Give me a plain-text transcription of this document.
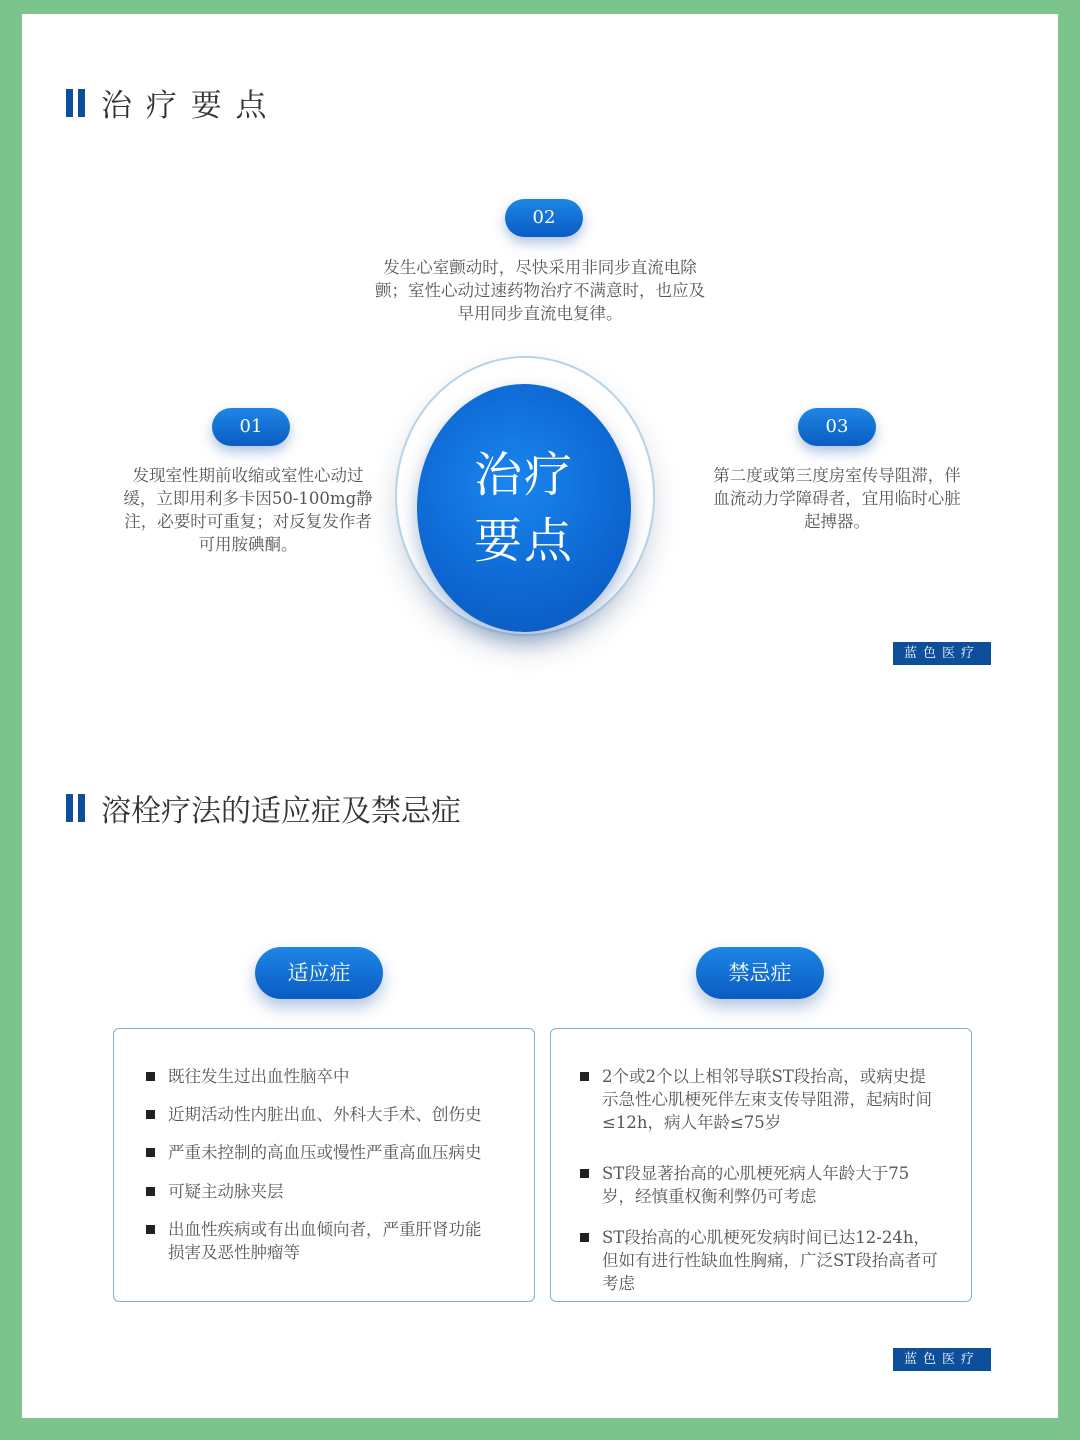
治 疗 要 点
02
发生心室颤动时，尽快采用非同步直流电除颤；室性心动过速药物治疗不满意时，也应及早用同步直流电复律。
01
发现室性期前收缩或室性心动过缓，立即用利多卡因50-100mg静注，必要时可重复；对反复发作者可用胺碘酮。
03
第二度或第三度房室传导阻滞，伴血流动力学障碍者，宜用临时心脏起搏器。
治疗
要点
蓝色医疗
溶栓疗法的适应症及禁忌症
适应症	禁忌症
既往发生过出血性脑卒中
近期活动性内脏出血、外科大手术、创伤史
严重未控制的高血压或慢性严重高血压病史
可疑主动脉夹层
出血性疾病或有出血倾向者，严重肝肾功能损害及恶性肿瘤等
2个或2个以上相邻导联ST段抬高，或病史提示急性心肌梗死伴左束支传导阻滞，起病时间≤12h，病人年龄≤75岁
ST段显著抬高的心肌梗死病人年龄大于75岁，经慎重权衡利弊仍可考虑
ST段抬高的心肌梗死发病时间已达12-24h，但如有进行性缺血性胸痛，广泛ST段抬高者可考虑
蓝色医疗
